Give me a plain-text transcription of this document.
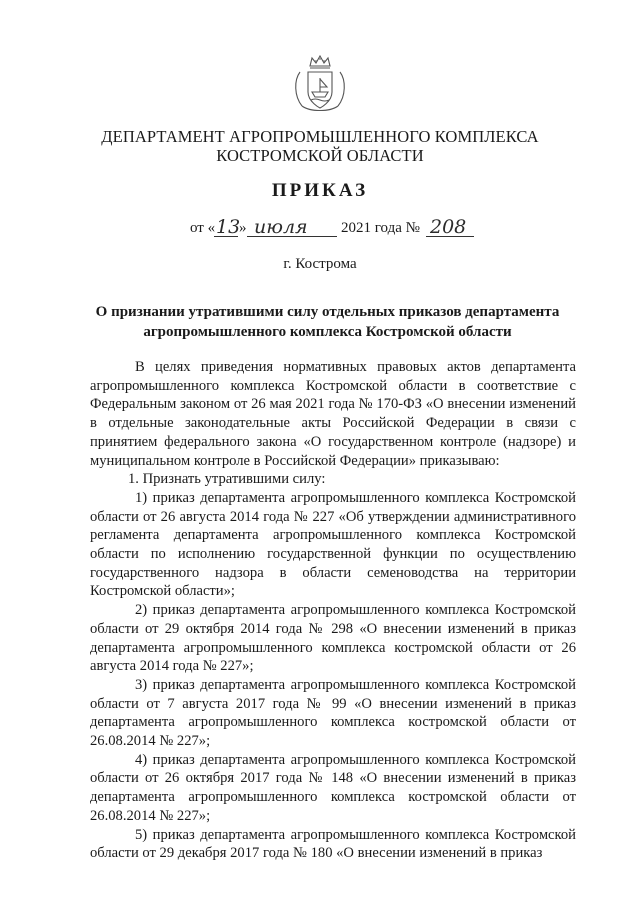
ДЕПАРТАМЕНТ АГРОПРОМЫШЛЕННОГО КОМПЛЕКСА
КОСТРОМСКОЙ ОБЛАСТИ
ПРИКАЗ
от « 13
» июля 2021 года № 208
г. Кострома
О признании утратившими силу отдельных приказов департамента
агропромышленного комплекса Костромской области

В целях приведения нормативных правовых актов департамента агропромышленного комплекса Костромской области в соответствие с Федеральным законом от 26 мая 2021 года № 170-ФЗ «О внесении изменений в отдельные законодательные акты Российской Федерации в связи с принятием федерального закона «О государственном контроле (надзоре) и муниципальном контроле в Российской Федерации» приказываю:

1. Признать утратившими силу:

1) приказ департамента агропромышленного комплекса Костромской области от 26 августа 2014 года № 227 «Об утверждении административного регламента департамента агропромышленного комплекса Костромской области по исполнению государственной функции по осуществлению государственного надзора в области семеноводства на территории Костромской области»;

2) приказ департамента агропромышленного комплекса Костромской области от 29 октября 2014 года № 298 «О внесении изменений в приказ департамента агропромышленного комплекса костромской области от 26 августа 2014 года № 227»;

3) приказ департамента агропромышленного комплекса Костромской области от 7 августа 2017 года № 99 «О внесении изменений в приказ департамента агропромышленного комплекса костромской области от 26.08.2014 № 227»;

4) приказ департамента агропромышленного комплекса Костромской области от 26 октября 2017 года № 148 «О внесении изменений в приказ департамента агропромышленного комплекса костромской области от 26.08.2014 № 227»;

5) приказ департамента агропромышленного комплекса Костромской области от 29 декабря 2017 года № 180 «О внесении изменений в приказ
